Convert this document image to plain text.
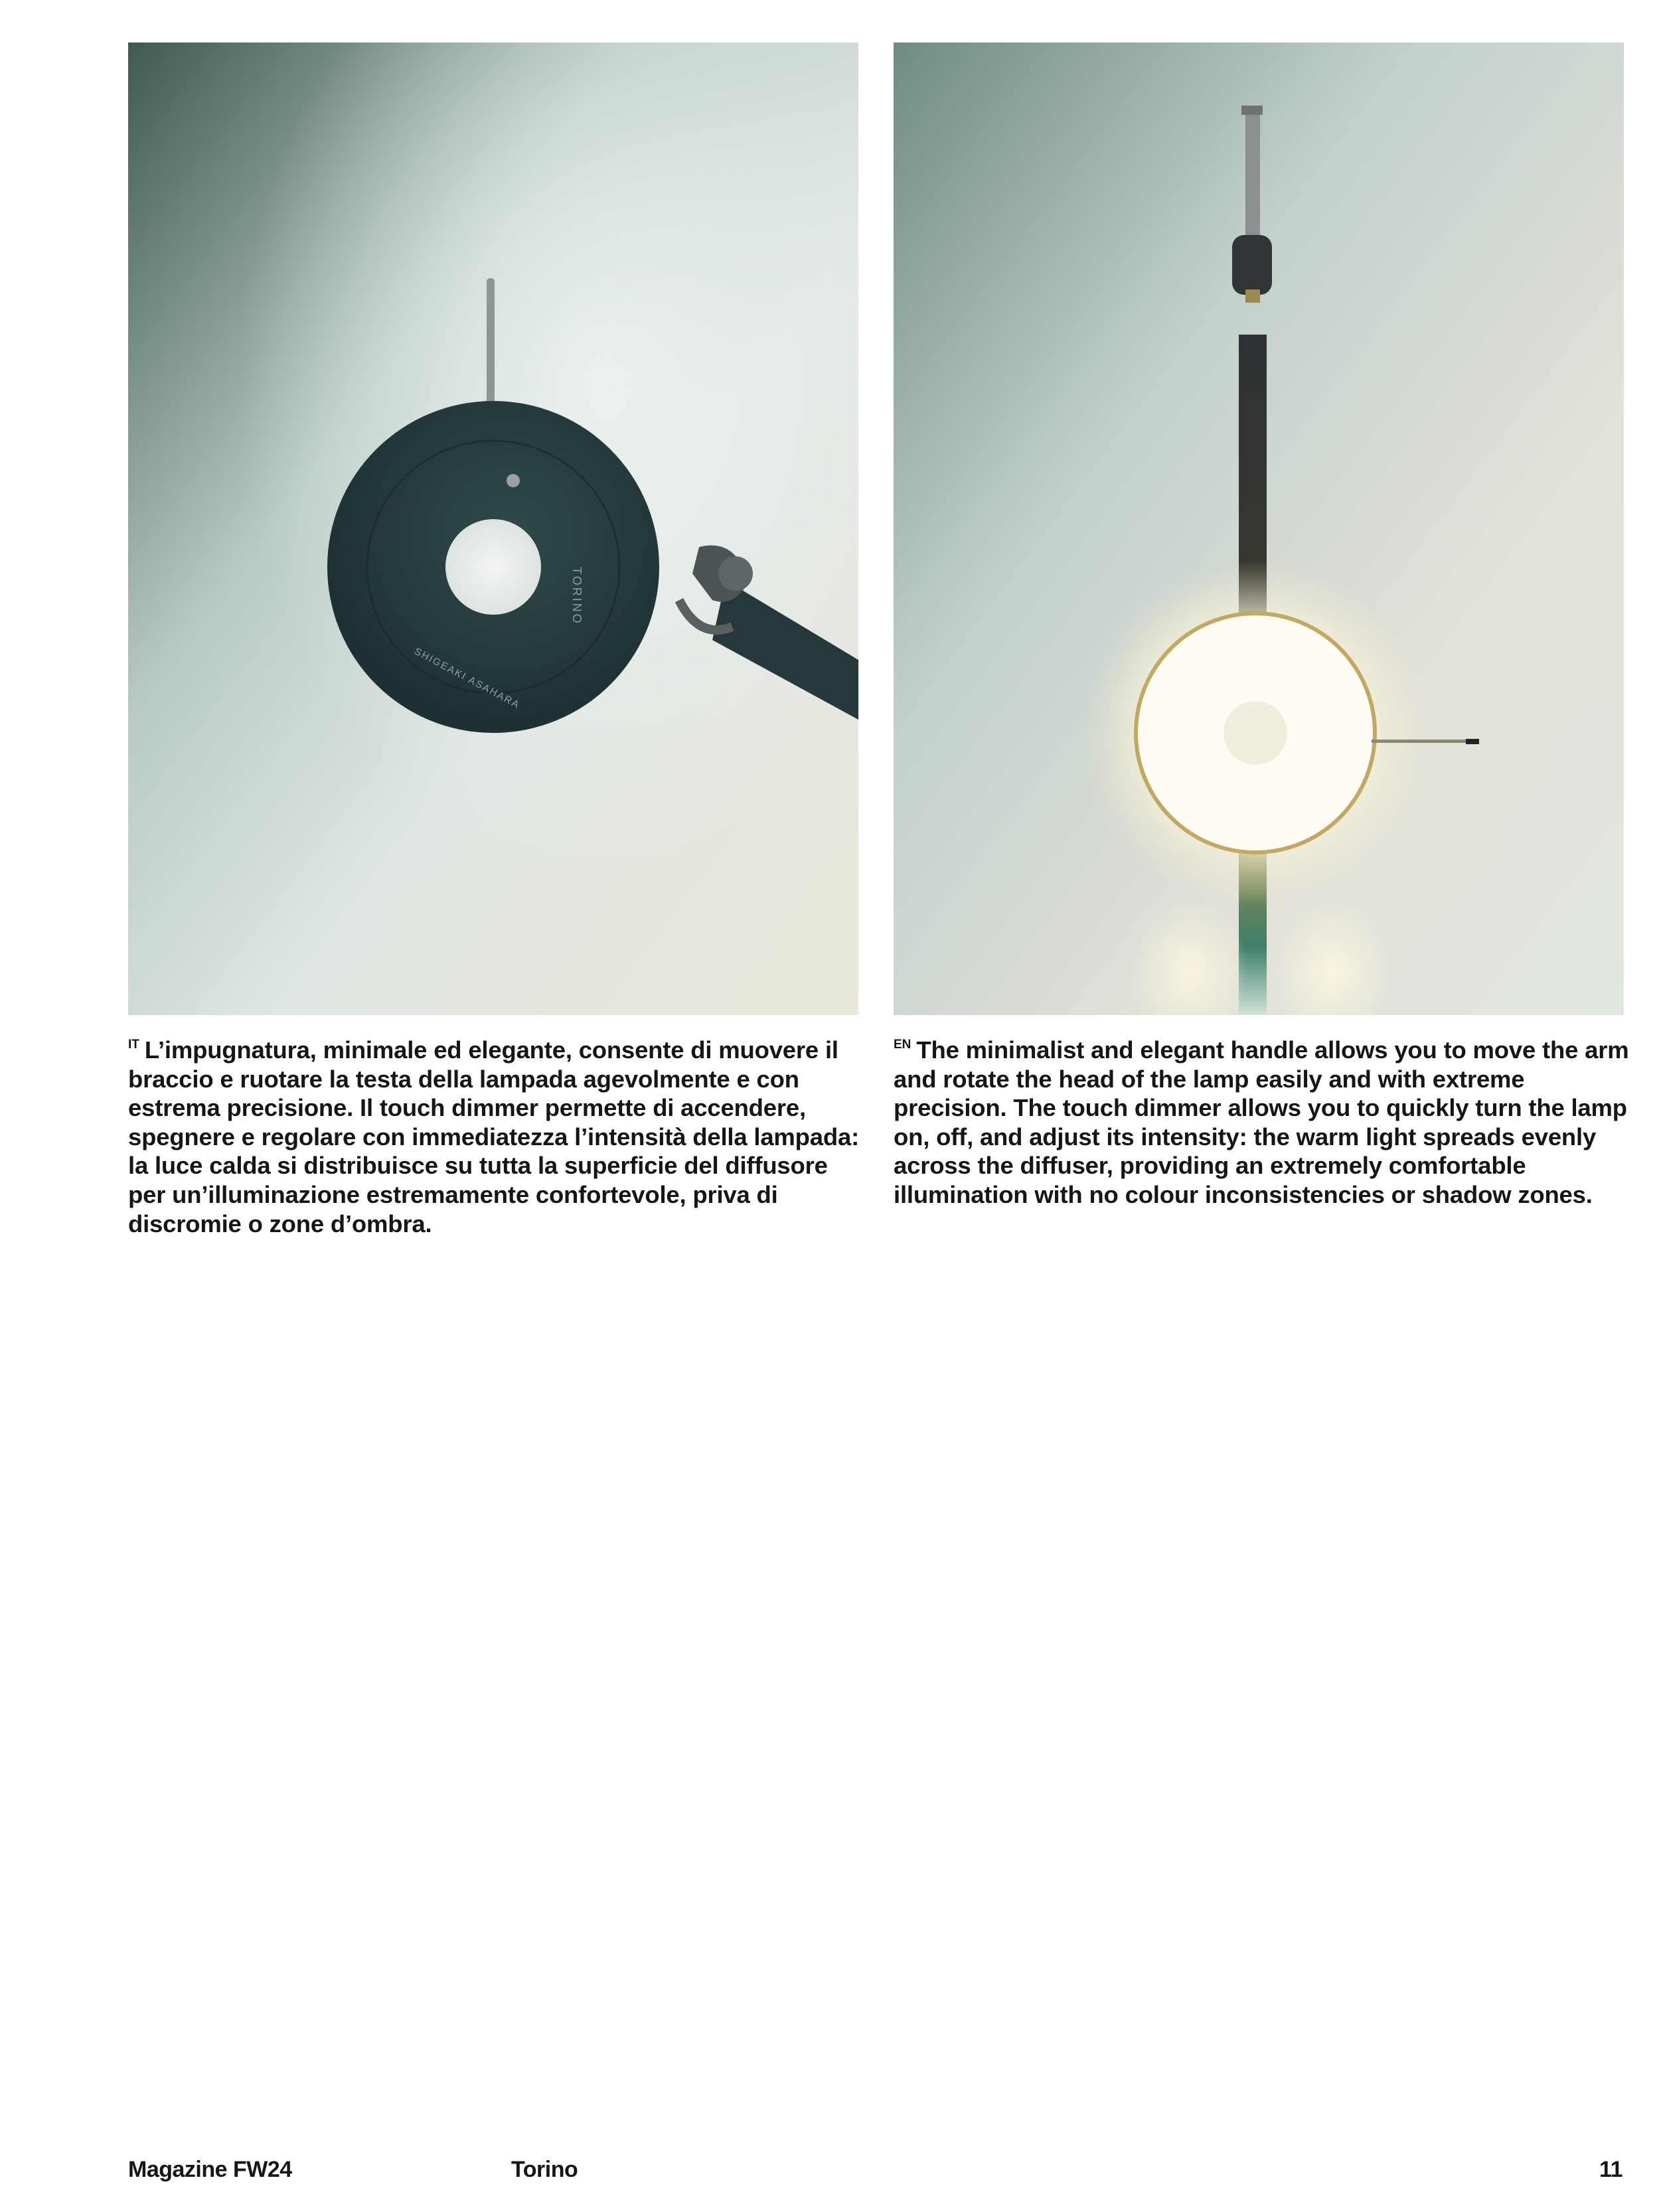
SHIGEAKI ASAHARA
TORINO
$^{IT}$ L’impugnatura, minimale ed elegante, consente di muovere il braccio e ruotare la testa della lampada agevolmente e con estrema precisione. Il touch dimmer permette di accendere, spegnere e regolare con immediatezza l’intensità della lampada: la luce calda si distribuisce su tutta la superficie del diffusore per un’illuminazione estremamente confortevole, priva di discromie o zone d’ombra.
$^{EN}$ The minimalist and elegant handle allows you to move the arm and rotate the head of the lamp easily and with extreme precision. The touch dimmer allows you to quickly turn the lamp on, off, and adjust its intensity: the warm light spreads evenly across the diffuser, providing an extremely comfortable illumination with no colour inconsistencies or shadow zones.
Magazine FW24	Torino	11
